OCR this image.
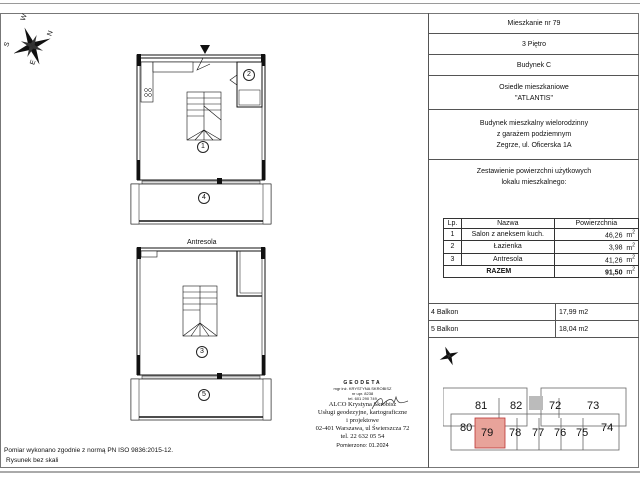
W
N
S
E
1
2
4
Antresola
3
5
GEODETA
mgr inż. KRYSTYNA SKROBISZ
nr upr. 8238
tel. 601 290 749
ALCO Krystyna Skrobisz
Usługi geodezyjne, kartograficzne
i projektowe
02-401 Warszawa, ul Świerszcza 72
tel. 22 632 05 54
Pomierzono: 01.2024
Pomiar wykonano zgodnie z normą PN ISO 9836:2015-12.
Rysunek bez skali
Mieszkanie nr 79
3 Piętro
Budynek C
Osiedle mieszkaniowe
"ATLANTIS"
Budynek mieszkalny wielorodzinny
z garażem podziemnym
Zegrze, ul. Oficerska 1A
Zestawienie powierzchni użytkowych
lokalu mieszkalnego:
Lp.	Nazwa	Powierzchnia
1	Salon z aneksem kuch.	46,26 $m^2$
2	Łazienka	3,98 $m^2$
3	Antresola	41,26 $m^2$
RAZEM		91,50 $m^2$
4 Balkon	17,99 m2
5 Balkon	18,04 m2
81 82 72 73
80 79 78 77 76 75 74
